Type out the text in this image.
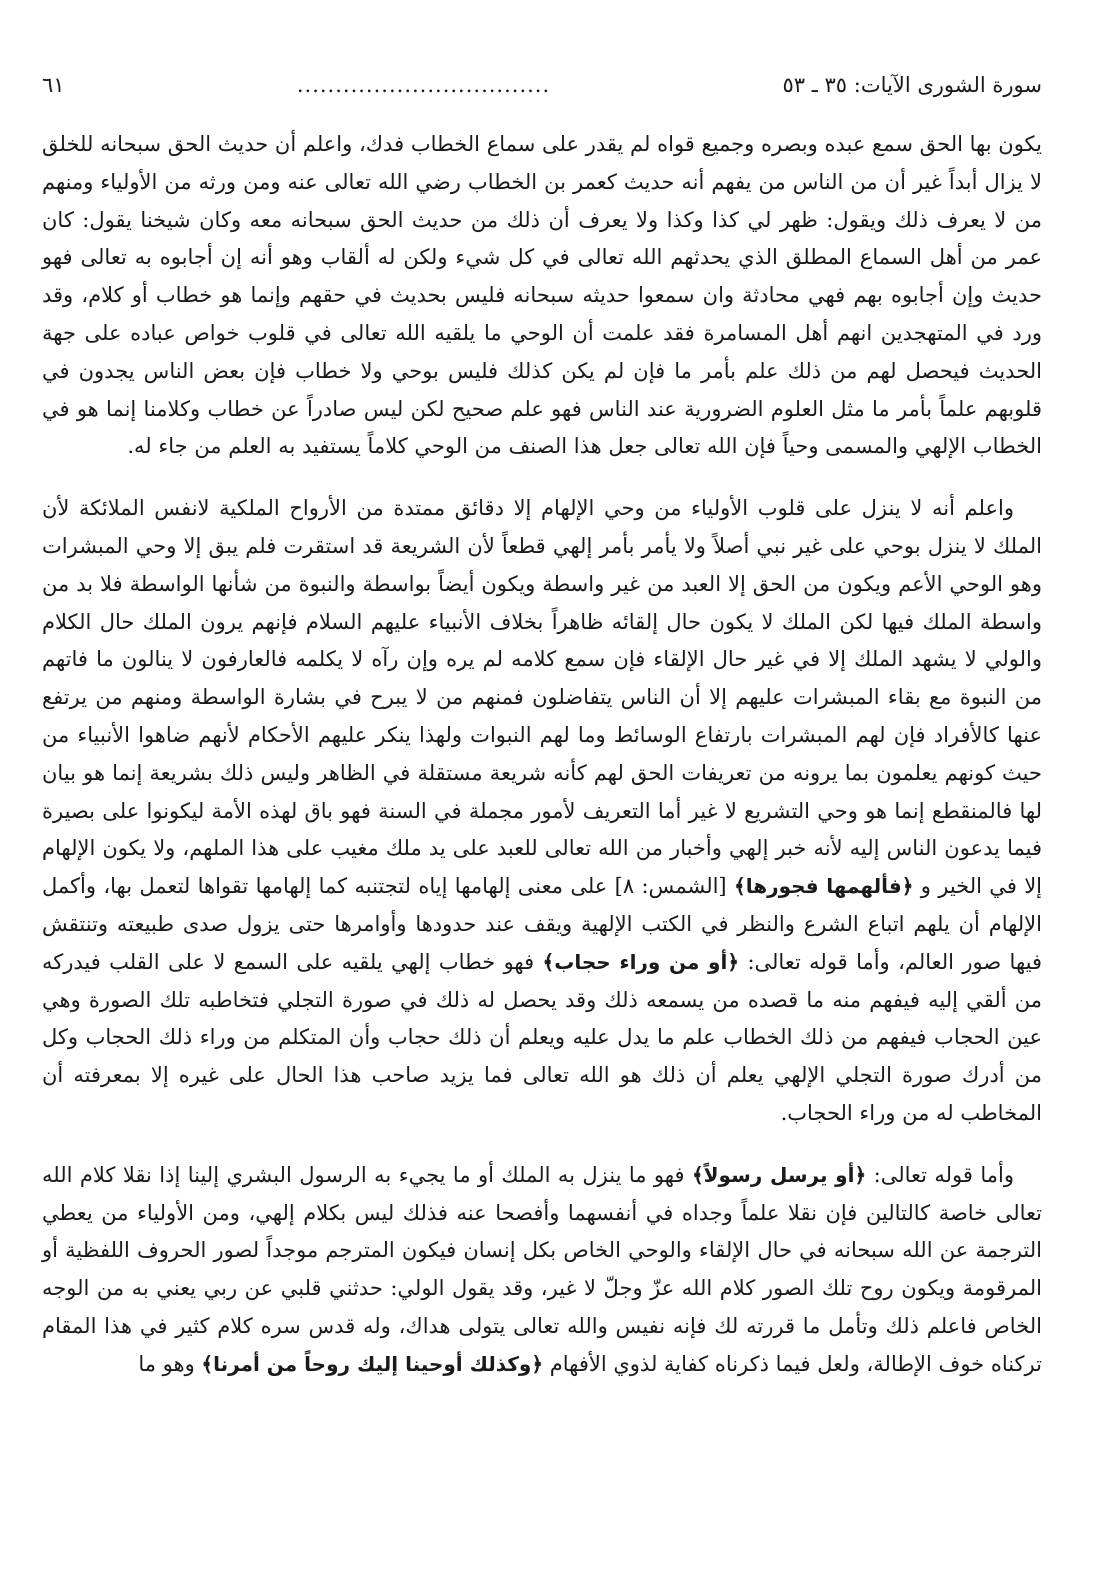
سورة الشورى الآيات: ٣٥ ـ ٥٣
.................................
٦١

يكون بها الحق سمع عبده وبصره وجميع قواه لم يقدر على سماع الخطاب فدك، واعلم أن حديث الحق سبحانه للخلق لا يزال أبداً غير أن من الناس من يفهم أنه حديث كعمر بن الخطاب رضي الله تعالى عنه ومن ورثه من الأولياء ومنهم من لا يعرف ذلك ويقول: ظهر لي كذا وكذا ولا يعرف أن ذلك من حديث الحق سبحانه معه وكان شيخنا يقول: كان عمر من أهل السماع المطلق الذي يحدثهم الله تعالى في كل شيء ولكن له ألقاب وهو أنه إن أجابوه به تعالى فهو حديث وإن أجابوه بهم فهي محادثة وان سمعوا حديثه سبحانه فليس بحديث في حقهم وإنما هو خطاب أو كلام، وقد ورد في المتهجدين انهم أهل المسامرة فقد علمت أن الوحي ما يلقيه الله تعالى في قلوب خواص عباده على جهة الحديث فيحصل لهم من ذلك علم بأمر ما فإن لم يكن كذلك فليس بوحي ولا خطاب فإن بعض الناس يجدون في قلوبهم علماً بأمر ما مثل العلوم الضرورية عند الناس فهو علم صحيح لكن ليس صادراً عن خطاب وكلامنا إنما هو في الخطاب الإلهي والمسمى وحياً فإن الله تعالى جعل هذا الصنف من الوحي كلاماً يستفيد به العلم من جاء له.

واعلم أنه لا ينزل على قلوب الأولياء من وحي الإلهام إلا دقائق ممتدة من الأرواح الملكية لانفس الملائكة لأن الملك لا ينزل بوحي على غير نبي أصلاً ولا يأمر بأمر إلهي قطعاً لأن الشريعة قد استقرت فلم يبق إلا وحي المبشرات وهو الوحي الأعم ويكون من الحق إلا العبد من غير واسطة ويكون أيضاً بواسطة والنبوة من شأنها الواسطة فلا بد من واسطة الملك فيها لكن الملك لا يكون حال إلقائه ظاهراً بخلاف الأنبياء عليهم السلام فإنهم يرون الملك حال الكلام والولي لا يشهد الملك إلا في غير حال الإلقاء فإن سمع كلامه لم يره وإن رآه لا يكلمه فالعارفون لا ينالون ما فاتهم من النبوة مع بقاء المبشرات عليهم إلا أن الناس يتفاضلون فمنهم من لا يبرح في بشارة الواسطة ومنهم من يرتفع عنها كالأفراد فإن لهم المبشرات بارتفاع الوسائط وما لهم النبوات ولهذا ينكر عليهم الأحكام لأنهم ضاهوا الأنبياء من حيث كونهم يعلمون بما يرونه من تعريفات الحق لهم كأنه شريعة مستقلة في الظاهر وليس ذلك بشريعة إنما هو بيان لها فالمنقطع إنما هو وحي التشريع لا غير أما التعريف لأمور مجملة في السنة فهو باق لهذه الأمة ليكونوا على بصيرة فيما يدعون الناس إليه لأنه خبر إلهي وأخبار من الله تعالى للعبد على يد ملك مغيب على هذا الملهم، ولا يكون الإلهام إلا في الخير و ﴿فألهمها فجورها﴾ [الشمس: ٨] على معنى إلهامها إياه لتجتنبه كما إلهامها تقواها لتعمل بها، وأكمل الإلهام أن يلهم اتباع الشرع والنظر في الكتب الإلهية ويقف عند حدودها وأوامرها حتى يزول صدى طبيعته وتنتقش فيها صور العالم، وأما قوله تعالى: ﴿أو من وراء حجاب﴾ فهو خطاب إلهي يلقيه على السمع لا على القلب فيدركه من ألقي إليه فيفهم منه ما قصده من يسمعه ذلك وقد يحصل له ذلك في صورة التجلي فتخاطبه تلك الصورة وهي عين الحجاب فيفهم من ذلك الخطاب علم ما يدل عليه ويعلم أن ذلك حجاب وأن المتكلم من وراء ذلك الحجاب وكل من أدرك صورة التجلي الإلهي يعلم أن ذلك هو الله تعالى فما يزيد صاحب هذا الحال على غيره إلا بمعرفته أن المخاطب له من وراء الحجاب.

وأما قوله تعالى: ﴿أو يرسل رسولاً﴾ فهو ما ينزل به الملك أو ما يجيء به الرسول البشري إلينا إذا نقلا كلام الله تعالى خاصة كالتالين فإن نقلا علماً وجداه في أنفسهما وأفصحا عنه فذلك ليس بكلام إلهي، ومن الأولياء من يعطي الترجمة عن الله سبحانه في حال الإلقاء والوحي الخاص بكل إنسان فيكون المترجم موجداً لصور الحروف اللفظية أو المرقومة ويكون روح تلك الصور كلام الله عزّ وجلّ لا غير، وقد يقول الولي: حدثني قلبي عن ربي يعني به من الوجه الخاص فاعلم ذلك وتأمل ما قررته لك فإنه نفيس والله تعالى يتولى هداك، وله قدس سره كلام كثير في هذا المقام تركناه خوف الإطالة، ولعل فيما ذكرناه كفاية لذوي الأفهام ﴿وكذلك أوحينا إليك روحاً من أمرنا﴾ وهو ما
